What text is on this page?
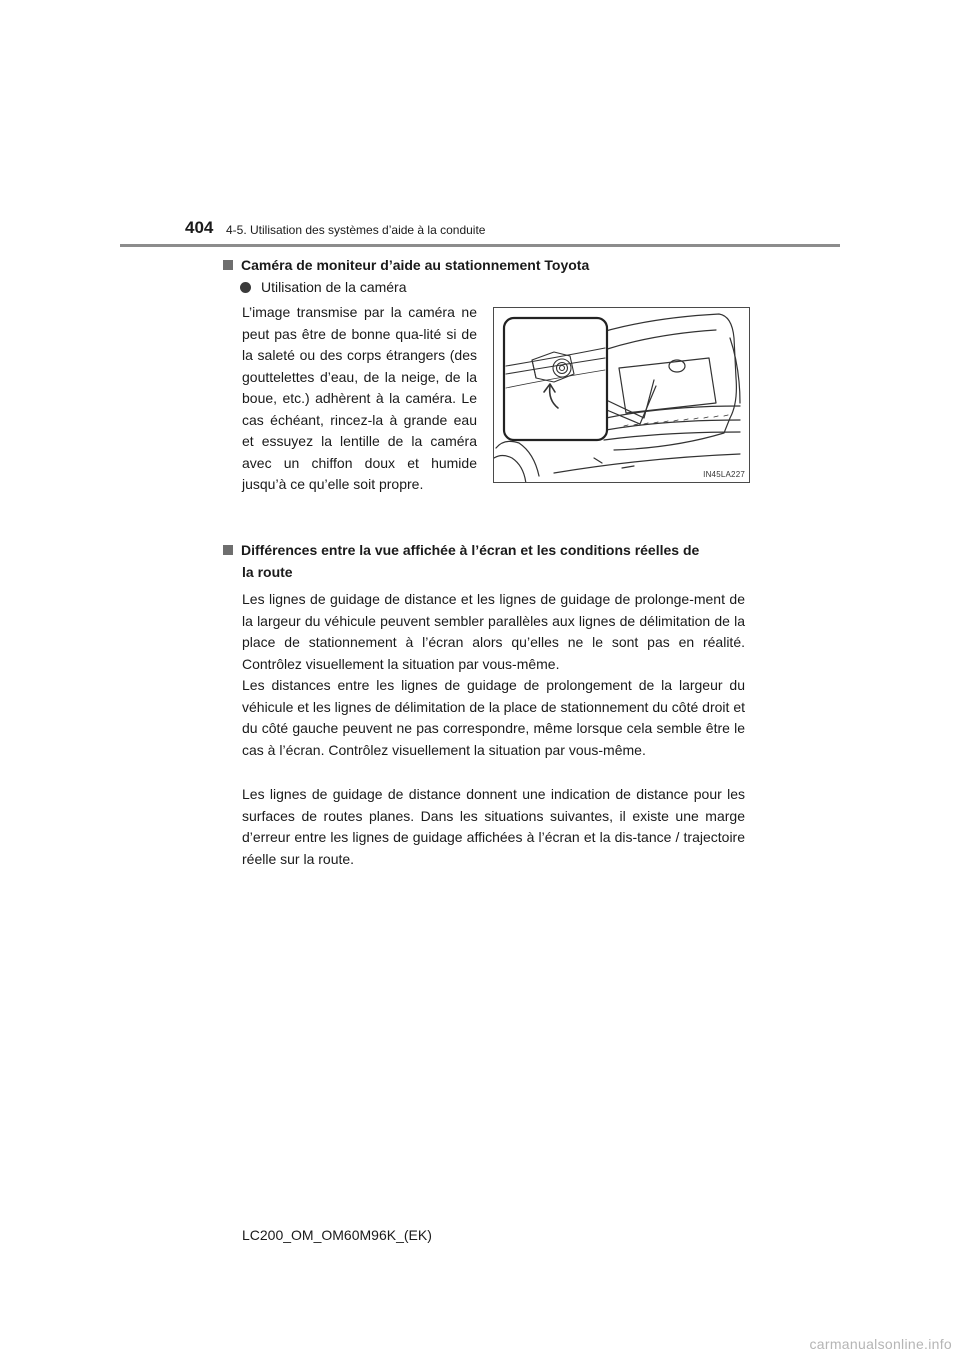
404 4-5. Utilisation des systèmes d’aide à la conduite
Caméra de moniteur d’aide au stationnement Toyota
Utilisation de la caméra
L’image transmise par la caméra ne peut pas être de bonne qua-lité si de la saleté ou des corps étrangers (des gouttelettes d’eau, de la neige, de la boue, etc.) adhèrent à la caméra. Le cas échéant, rincez-la à grande eau et essuyez la lentille de la caméra avec un chiffon doux et humide jusqu’à ce qu’elle soit propre.
IN45LA227
Différences entre la vue affichée à l’écran et les conditions réelles de
la route
Les lignes de guidage de distance et les lignes de guidage de prolonge-ment de la largeur du véhicule peuvent sembler parallèles aux lignes de délimitation de la place de stationnement à l’écran alors qu’elles ne le sont pas en réalité. Contrôlez visuellement la situation par vous-même.
Les distances entre les lignes de guidage de prolongement de la largeur du véhicule et les lignes de délimitation de la place de stationnement du côté droit et du côté gauche peuvent ne pas correspondre, même lorsque cela semble être le cas à l’écran. Contrôlez visuellement la situation par vous-même.
Les lignes de guidage de distance donnent une indication de distance pour les surfaces de routes planes. Dans les situations suivantes, il existe une marge d’erreur entre les lignes de guidage affichées à l’écran et la dis-tance / trajectoire réelle sur la route.
LC200_OM_OM60M96K_(EK)
carmanualsonline.info
